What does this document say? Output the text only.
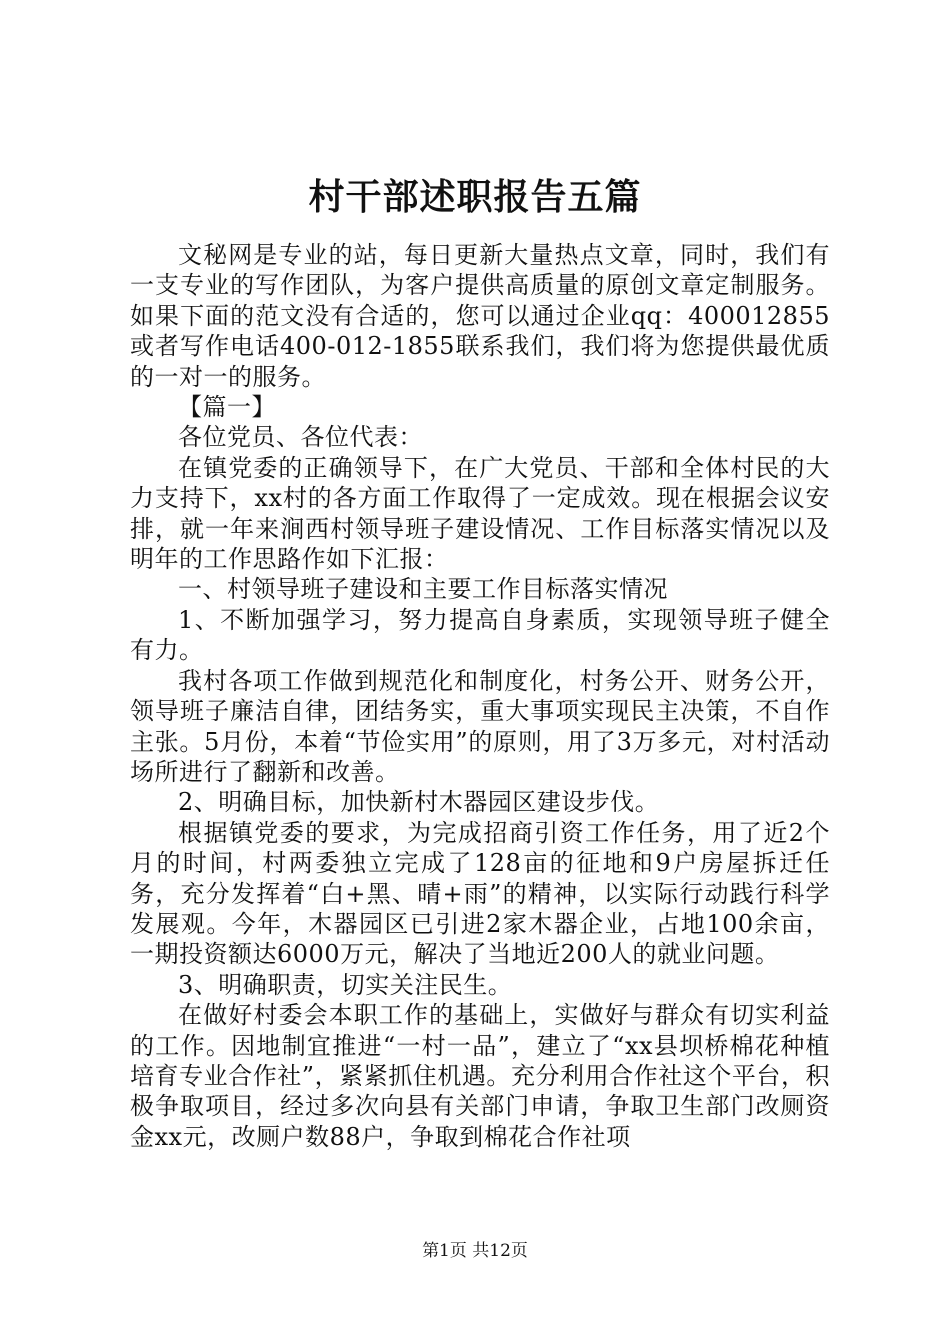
村干部述职报告五篇

文秘网是专业的站，每日更新大量热点文章，同时，我们有一支专业的写作团队，为客户提供高质量的原创文章定制服务。如果下面的范文没有合适的，您可以通过企业qq：400012855或者写作电话400-012-1855联系我们，我们将为您提供最优质的一对一的服务。

【篇一】

各位党员、各位代表：

在镇党委的正确领导下，在广大党员、干部和全体村民的大力支持下，xx村的各方面工作取得了一定成效。现在根据会议安排，就一年来涧西村领导班子建设情况、工作目标落实情况以及明年的工作思路作如下汇报：

一、村领导班子建设和主要工作目标落实情况

1、不断加强学习，努力提高自身素质，实现领导班子健全有力。

我村各项工作做到规范化和制度化，村务公开、财务公开，领导班子廉洁自律，团结务实，重大事项实现民主决策，不自作主张。5月份，本着“节俭实用”的原则，用了3万多元，对村活动场所进行了翻新和改善。

2、明确目标，加快新村木器园区建设步伐。

根据镇党委的要求，为完成招商引资工作任务，用了近2个月的时间，村两委独立完成了128亩的征地和9户房屋拆迁任务，充分发挥着“白+黑、晴+雨”的精神，以实际行动践行科学发展观。今年，木器园区已引进2家木器企业，占地100余亩，一期投资额达6000万元，解决了当地近200人的就业问题。

3、明确职责，切实关注民生。

在做好村委会本职工作的基础上，实做好与群众有切实利益的工作。因地制宜推进“一村一品”，建立了“xx县坝桥棉花种植培育专业合作社”，紧紧抓住机遇。充分利用合作社这个平台，积极争取项目，经过多次向县有关部门申请，争取卫生部门改厕资金xx元，改厕户数88户，争取到棉花合作社项

第1页 共12页
